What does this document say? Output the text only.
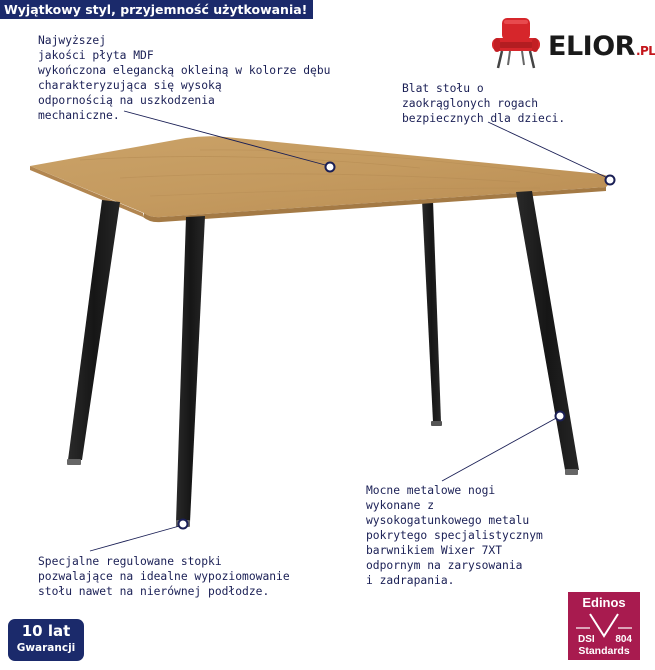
Wyjątkowy styl, przyjemność użytkowania!
ELIOR.PL
Najwyższej
jakości płyta MDF
wykończona elegancką okleiną w kolorze dębu
charakteryzująca się wysoką
odpornością na uszkodzenia
mechaniczne.
Blat stołu o
zaokrąglonych rogach
bezpiecznych dla dzieci.
Mocne metalowe nogi
wykonane z
wysokogatunkowego metalu
pokrytego specjalistycznym
barwnikiem Wixer 7XT
odpornym na zarysowania
i zadrapania.
Specjalne regulowane stopki
pozwalające na idealne wypoziomowanie
stołu nawet na nierównej podłodze.
10 lat
Gwarancji
Edinos
DSI 804
Standards
